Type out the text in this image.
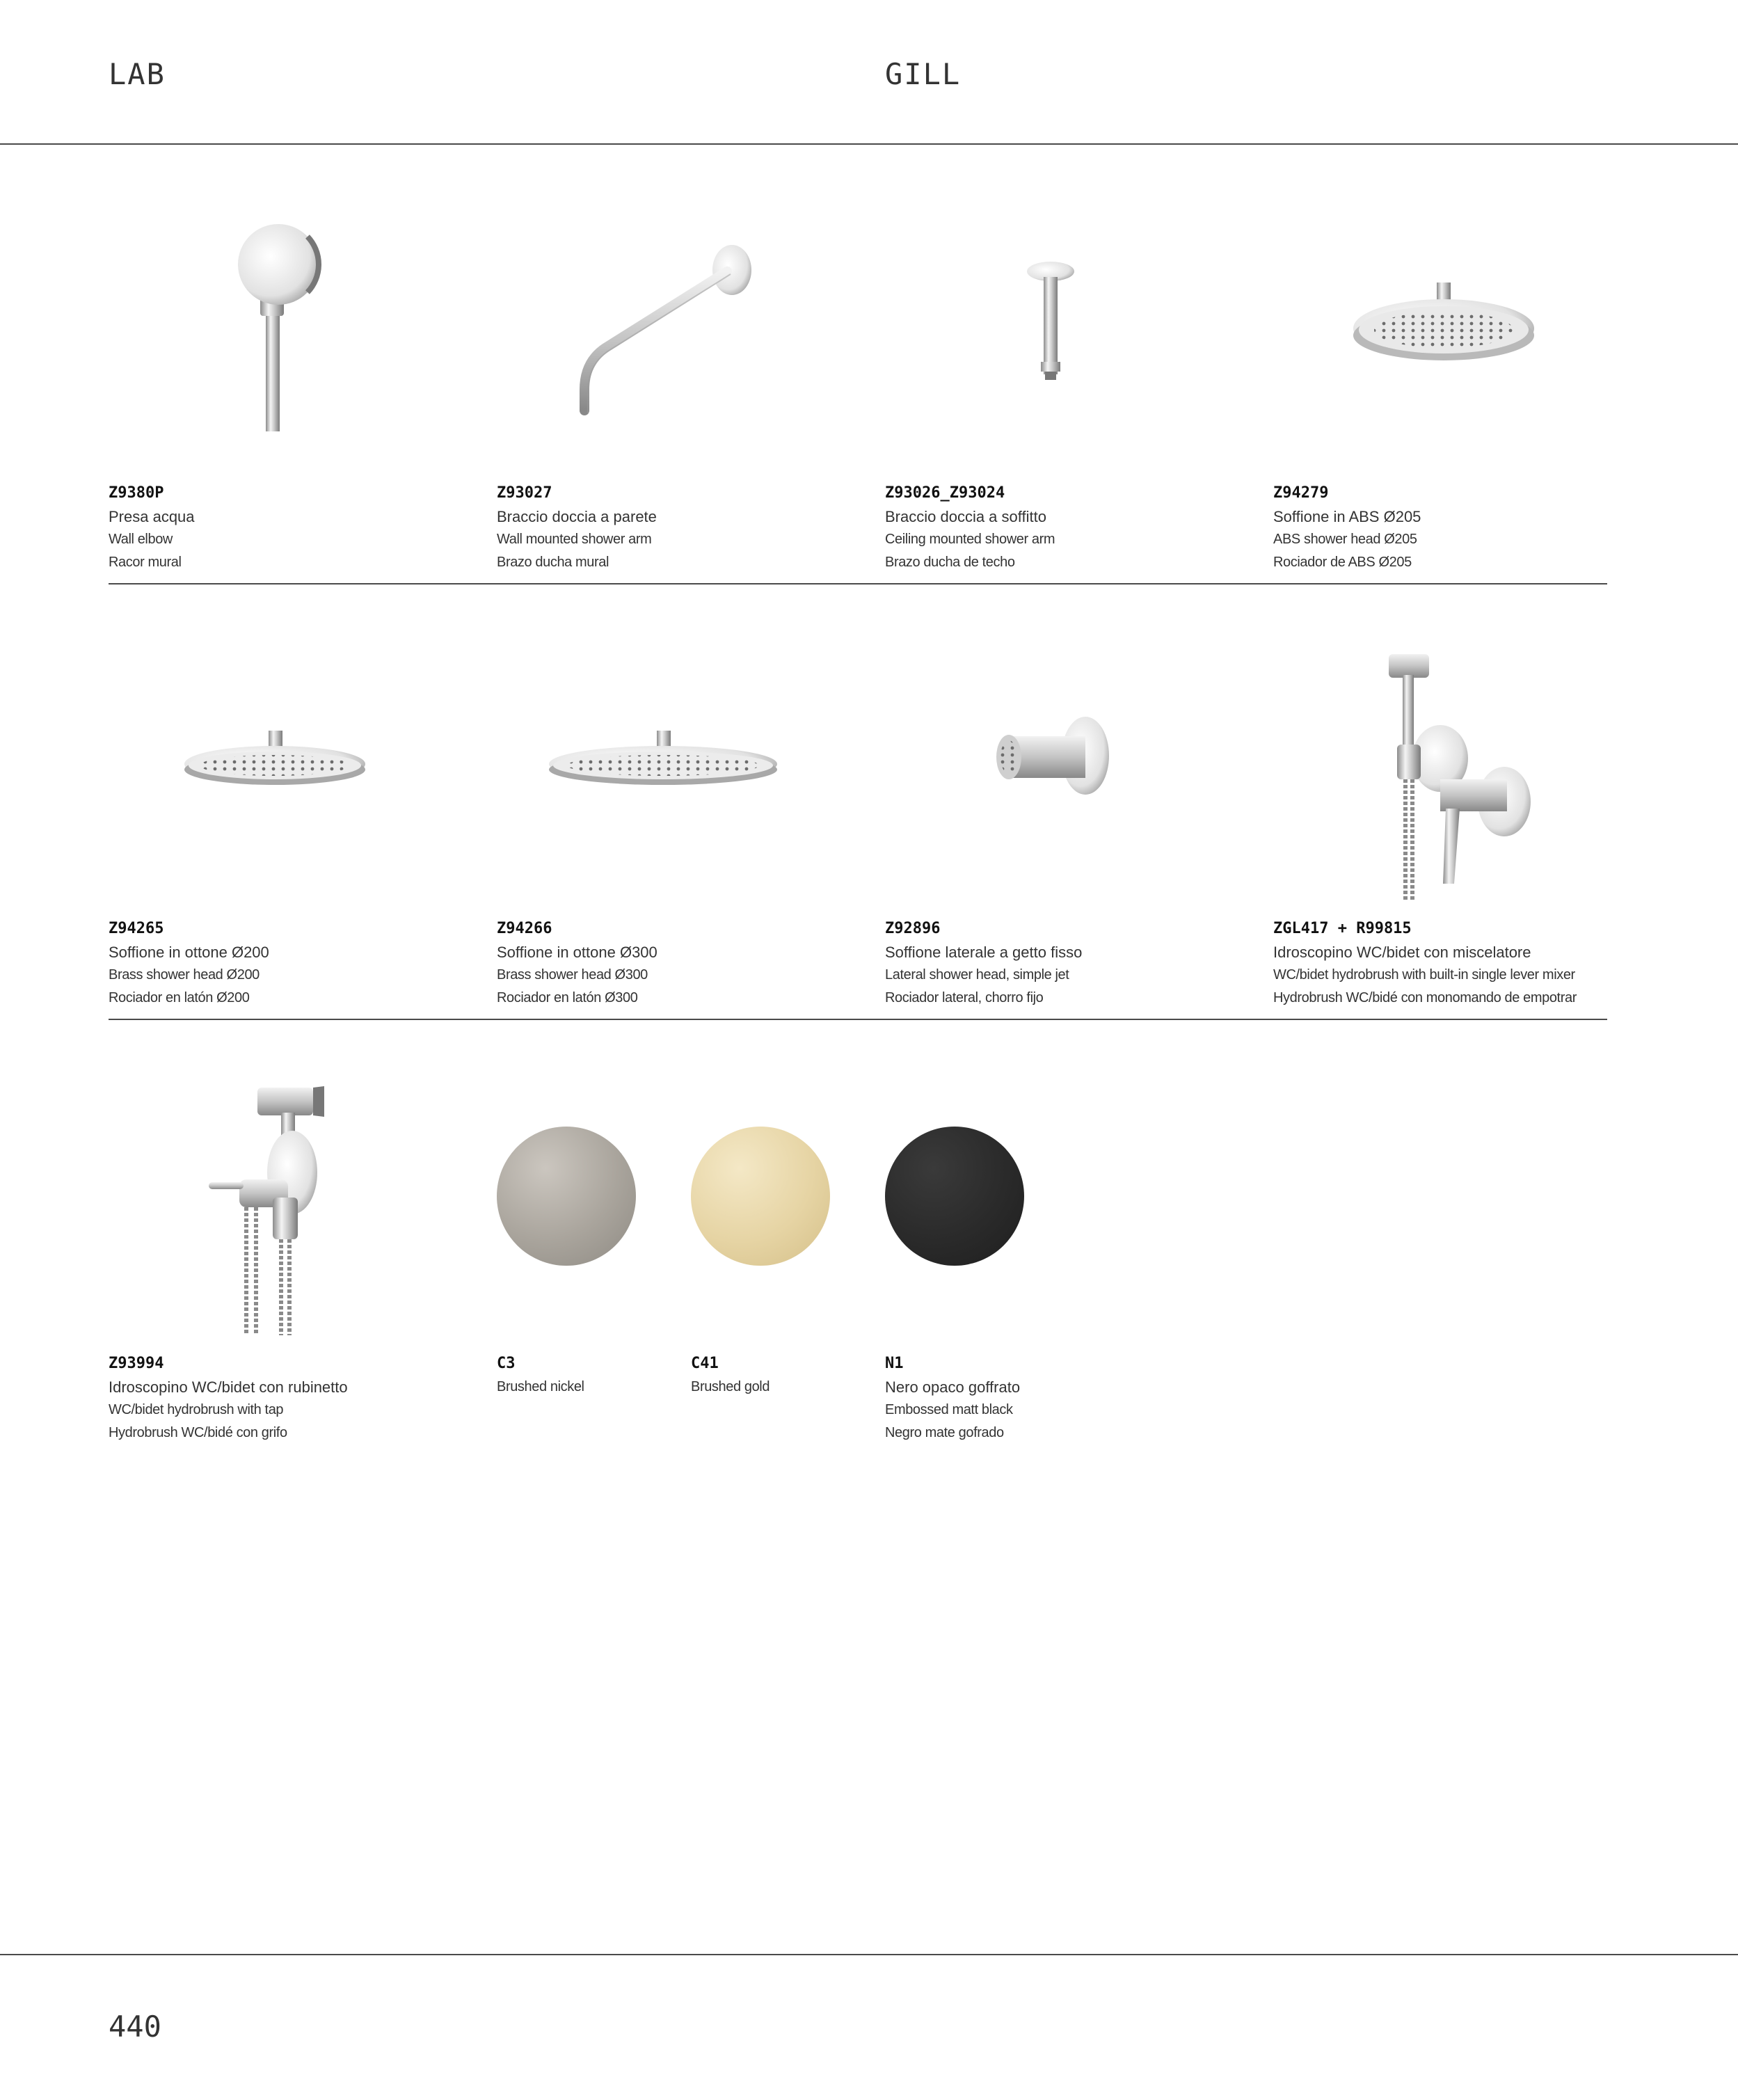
LAB	GILL
Z9380P
Presa acqua
Wall elbow
Racor mural
Z93027
Braccio doccia a parete
Wall mounted shower arm
Brazo ducha mural
Z93026_Z93024
Braccio doccia a soffitto
Ceiling mounted shower arm
Brazo ducha de techo
Z94279
Soffione in ABS Ø205
ABS shower head Ø205
Rociador de ABS Ø205
Z94265
Soffione in ottone Ø200
Brass shower head Ø200
Rociador en latón Ø200
Z94266
Soffione in ottone Ø300
Brass shower head Ø300
Rociador en latón Ø300
Z92896
Soffione laterale a getto fisso
Lateral shower head, simple jet
Rociador lateral, chorro fijo
ZGL417 + R99815
Idroscopino WC/bidet con miscelatore
WC/bidet hydrobrush with built-in single lever mixer
Hydrobrush WC/bidé con monomando de empotrar
Z93994
Idroscopino WC/bidet con rubinetto
WC/bidet hydrobrush with tap
Hydrobrush WC/bidé con grifo
C3
Brushed nickel
C41
Brushed gold
N1
Nero opaco goffrato
Embossed matt black
Negro mate gofrado
440
